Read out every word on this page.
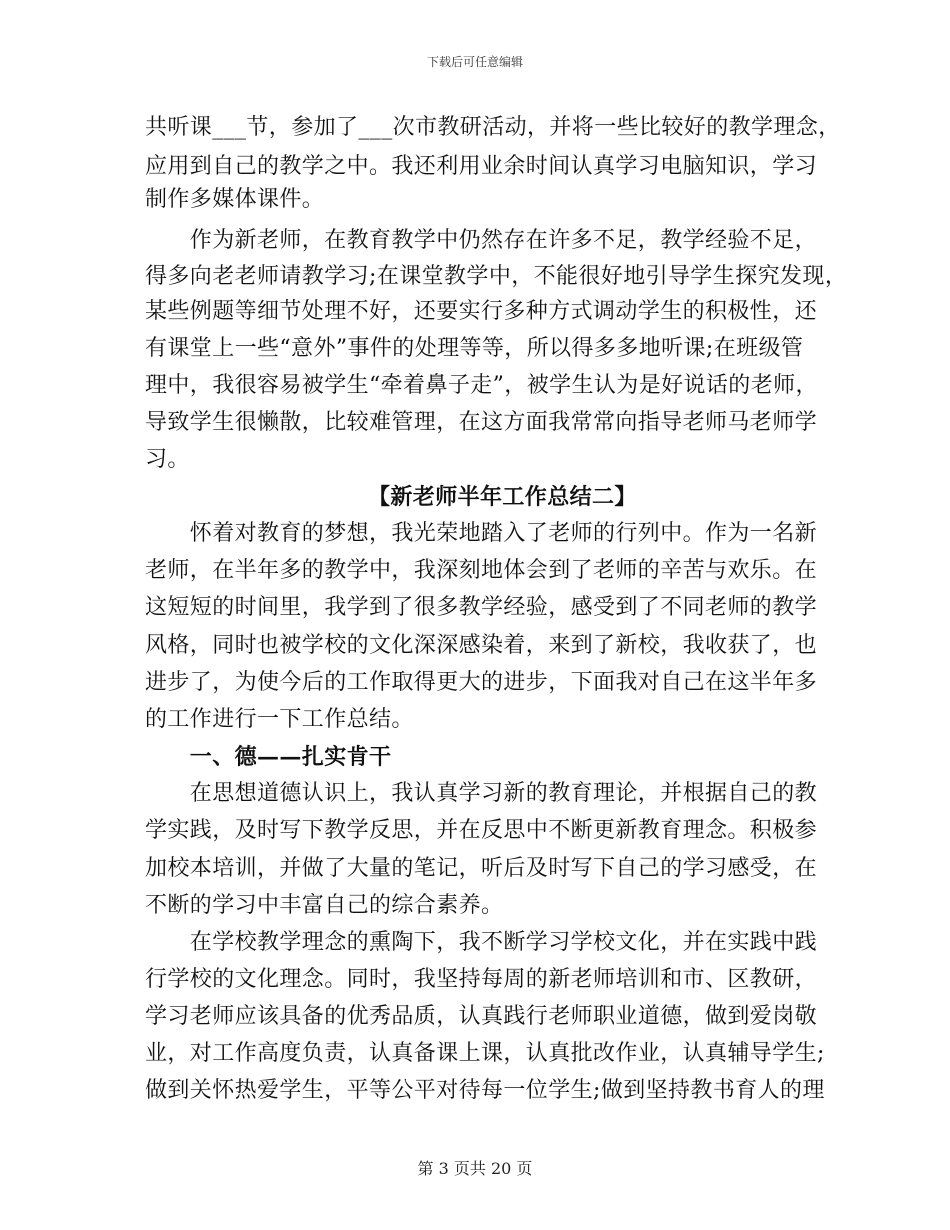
下载后可任意编辑
共听课___节，参加了___次市教研活动，并将一些比较好的教学理念，
应用到自己的教学之中。我还利用业余时间认真学习电脑知识，学习
制作多媒体课件。
　　作为新老师，在教育教学中仍然存在许多不足，教学经验不足，
得多向老老师请教学习;在课堂教学中，不能很好地引导学生探究发现，
某些例题等细节处理不好，还要实行多种方式调动学生的积极性，还
有课堂上一些“意外”事件的处理等等，所以得多多地听课;在班级管
理中，我很容易被学生“牵着鼻子走”，被学生认为是好说话的老师，
导致学生很懒散，比较难管理，在这方面我常常向指导老师马老师学
习。
【新老师半年工作总结二】
　　怀着对教育的梦想，我光荣地踏入了老师的行列中。作为一名新
老师，在半年多的教学中，我深刻地体会到了老师的辛苦与欢乐。在
这短短的时间里，我学到了很多教学经验，感受到了不同老师的教学
风格，同时也被学校的文化深深感染着，来到了新校，我收获了，也
进步了，为使今后的工作取得更大的进步，下面我对自己在这半年多
的工作进行一下工作总结。
　　一、德——扎实肯干
　　在思想道德认识上，我认真学习新的教育理论，并根据自己的教
学实践，及时写下教学反思，并在反思中不断更新教育理念。积极参
加校本培训，并做了大量的笔记，听后及时写下自己的学习感受，在
不断的学习中丰富自己的综合素养。
　　在学校教学理念的熏陶下，我不断学习学校文化，并在实践中践
行学校的文化理念。同时，我坚持每周的新老师培训和市、区教研，
学习老师应该具备的优秀品质，认真践行老师职业道德，做到爱岗敬
业，对工作高度负责，认真备课上课，认真批改作业，认真辅导学生;
做到关怀热爱学生，平等公平对待每一位学生;做到坚持教书育人的理
第 3 页共 20 页
